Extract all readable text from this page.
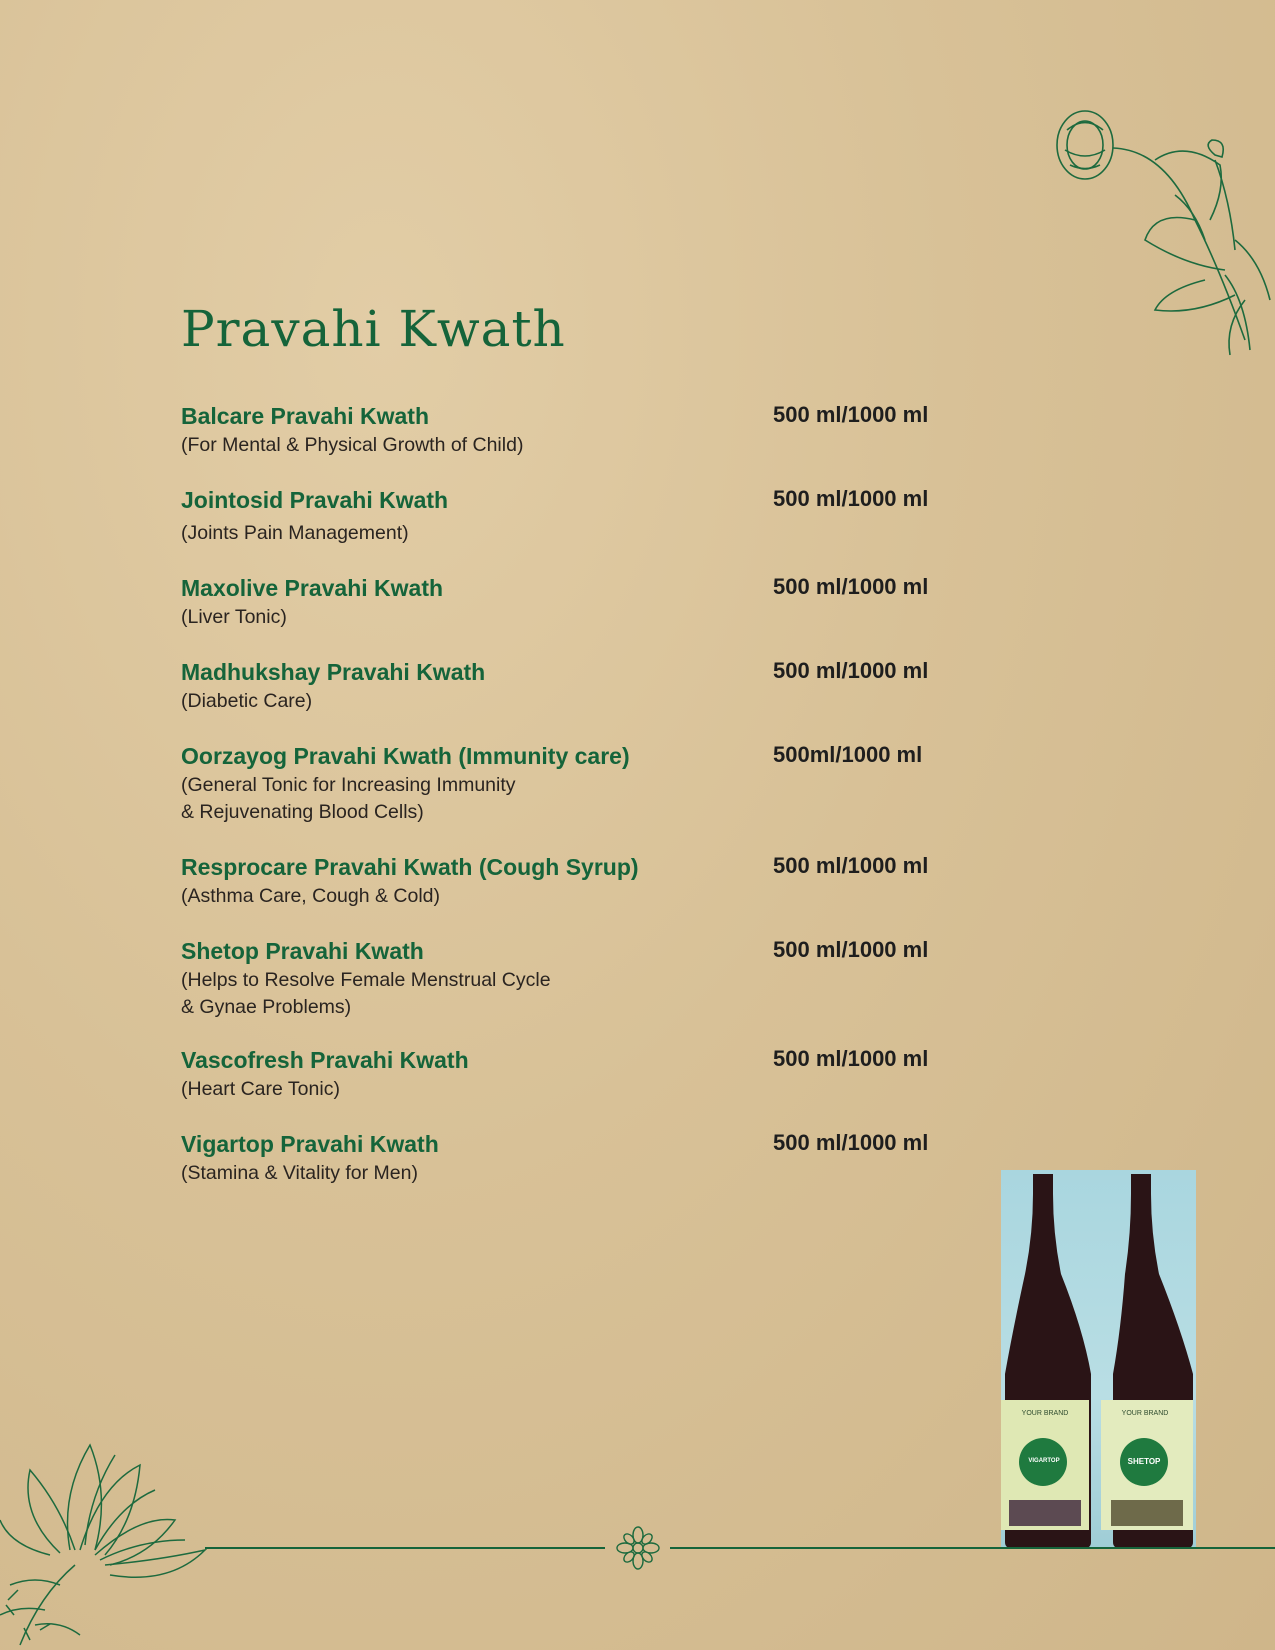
Pravahi Kwath
Balcare Pravahi Kwath
(For Mental & Physical Growth of Child)
500 ml/1000 ml
Jointosid Pravahi Kwath
(Joints Pain Management)
500 ml/1000 ml
Maxolive Pravahi Kwath
(Liver Tonic)
500 ml/1000 ml
Madhukshay Pravahi Kwath
(Diabetic Care)
500 ml/1000 ml
Oorzayog Pravahi Kwath (Immunity care)
(General Tonic for Increasing Immunity
& Rejuvenating Blood Cells)
500ml/1000 ml
Resprocare Pravahi Kwath (Cough Syrup)
(Asthma Care, Cough & Cold)
500 ml/1000 ml
Shetop Pravahi Kwath
(Helps to Resolve Female Menstrual Cycle
& Gynae Problems)
500 ml/1000 ml
Vascofresh Pravahi Kwath
(Heart Care Tonic)
500 ml/1000 ml
Vigartop Pravahi Kwath
(Stamina & Vitality for Men)
500 ml/1000 ml
YOUR BRAND
VIGARTOP
YOUR BRAND
SHETOP
